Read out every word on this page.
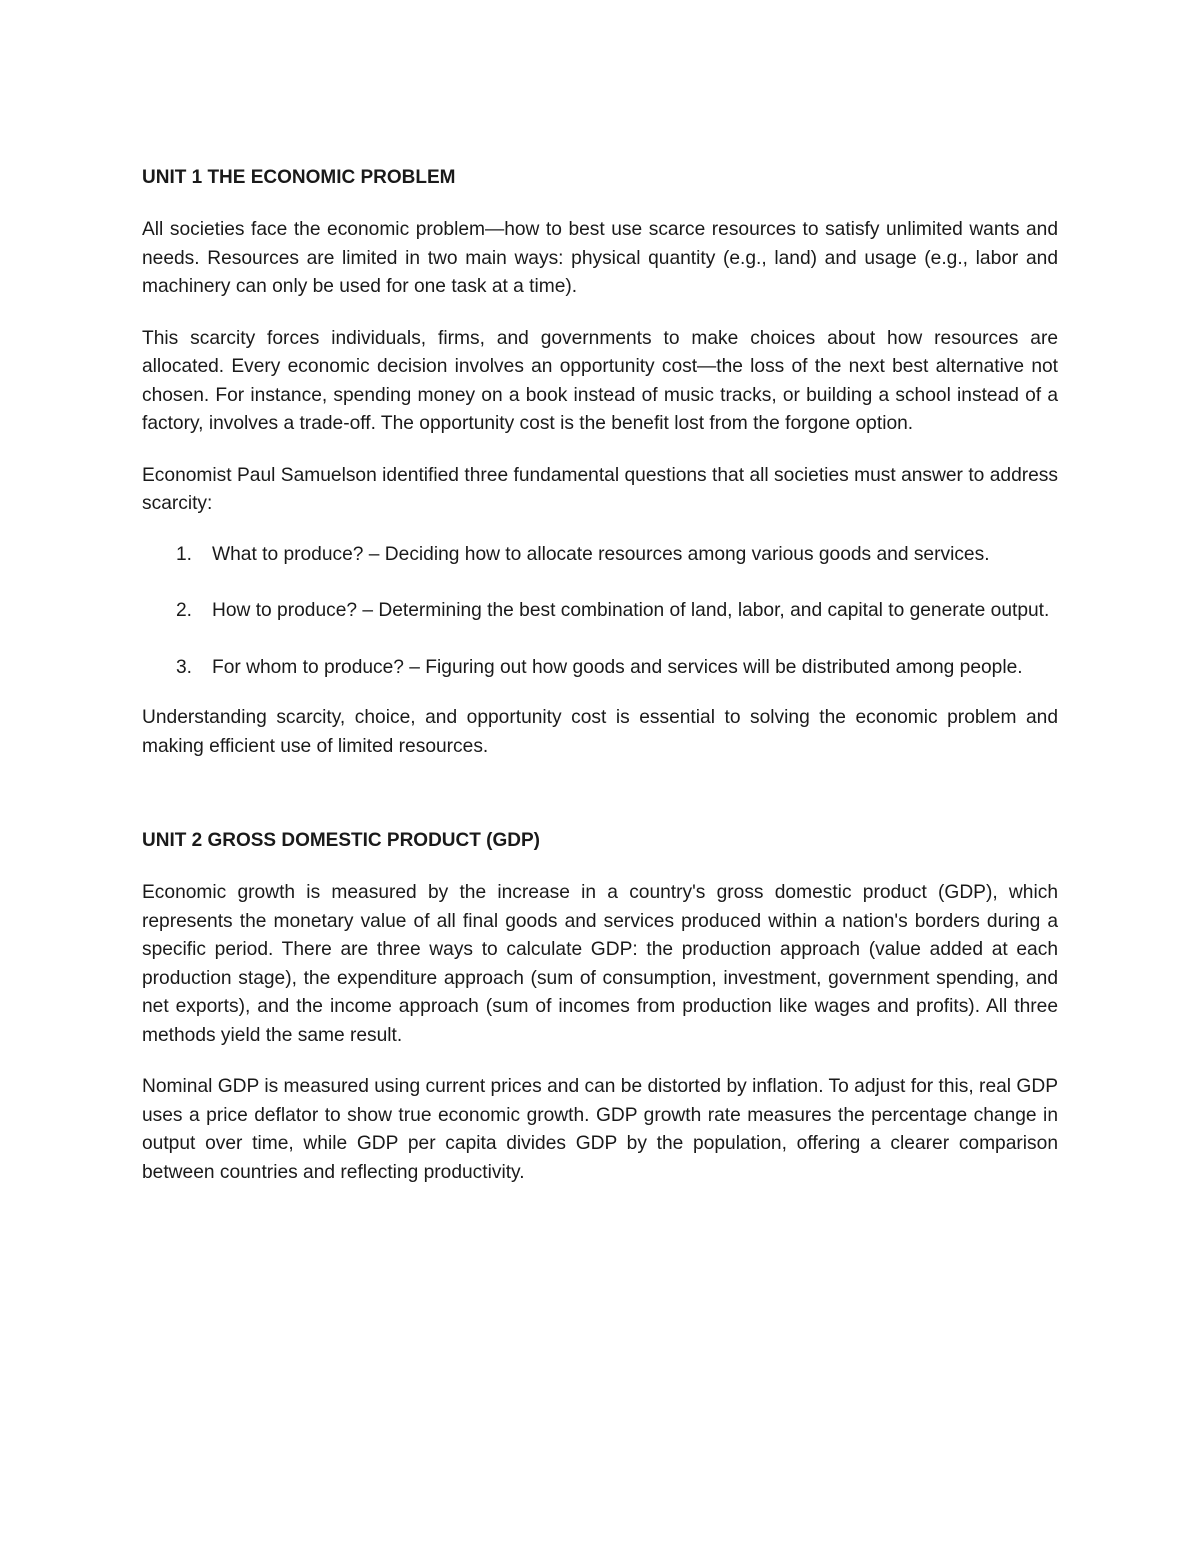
UNIT 1 THE ECONOMIC PROBLEM

All societies face the economic problem—how to best use scarce resources to satisfy unlimited wants and needs. Resources are limited in two main ways: physical quantity (e.g., land) and usage (e.g., labor and machinery can only be used for one task at a time).

This scarcity forces individuals, firms, and governments to make choices about how resources are allocated. Every economic decision involves an opportunity cost—the loss of the next best alternative not chosen. For instance, spending money on a book instead of music tracks, or building a school instead of a factory, involves a trade-off. The opportunity cost is the benefit lost from the forgone option.

Economist Paul Samuelson identified three fundamental questions that all societies must answer to address scarcity:

1. What to produce? – Deciding how to allocate resources among various goods and services.
2. How to produce? – Determining the best combination of land, labor, and capital to generate output.
3. For whom to produce? – Figuring out how goods and services will be distributed among people.

Understanding scarcity, choice, and opportunity cost is essential to solving the economic problem and making efficient use of limited resources.

UNIT 2 GROSS DOMESTIC PRODUCT (GDP)

Economic growth is measured by the increase in a country's gross domestic product (GDP), which represents the monetary value of all final goods and services produced within a nation's borders during a specific period. There are three ways to calculate GDP: the production approach (value added at each production stage), the expenditure approach (sum of consumption, investment, government spending, and net exports), and the income approach (sum of incomes from production like wages and profits). All three methods yield the same result.

Nominal GDP is measured using current prices and can be distorted by inflation. To adjust for this, real GDP uses a price deflator to show true economic growth. GDP growth rate measures the percentage change in output over time, while GDP per capita divides GDP by the population, offering a clearer comparison between countries and reflecting productivity.
